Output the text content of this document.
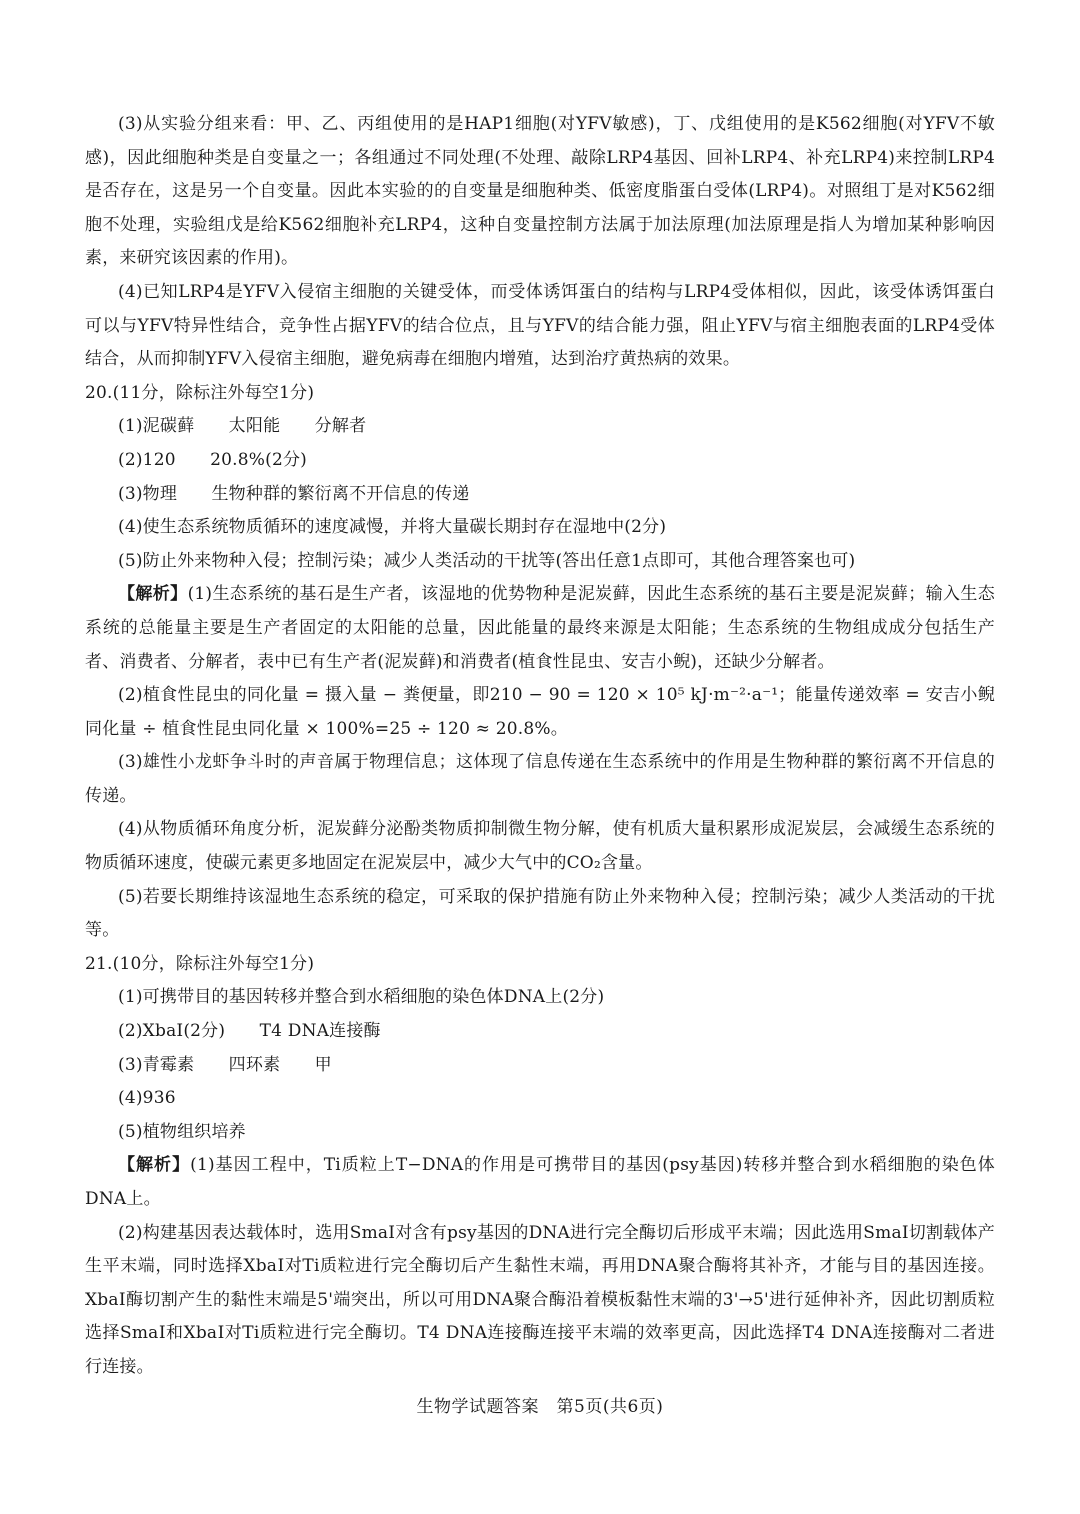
(3)从实验分组来看：甲、乙、丙组使用的是HAP1细胞(对YFV敏感)，丁、戊组使用的是K562细胞(对YFV不敏感)，因此细胞种类是自变量之一；各组通过不同处理(不处理、敲除LRP4基因、回补LRP4、补充LRP4)来控制LRP4是否存在，这是另一个自变量。因此本实验的的自变量是细胞种类、低密度脂蛋白受体(LRP4)。对照组丁是对K562细胞不处理，实验组戊是给K562细胞补充LRP4，这种自变量控制方法属于加法原理(加法原理是指人为增加某种影响因素，来研究该因素的作用)。

(4)已知LRP4是YFV入侵宿主细胞的关键受体，而受体诱饵蛋白的结构与LRP4受体相似，因此，该受体诱饵蛋白可以与YFV特异性结合，竞争性占据YFV的结合位点，且与YFV的结合能力强，阻止YFV与宿主细胞表面的LRP4受体结合，从而抑制YFV入侵宿主细胞，避免病毒在细胞内增殖，达到治疗黄热病的效果。

20.(11分，除标注外每空1分)

(1)泥碳藓　　太阳能　　分解者

(2)120　　20.8%(2分)

(3)物理　　生物种群的繁衍离不开信息的传递

(4)使生态系统物质循环的速度减慢，并将大量碳长期封存在湿地中(2分)

(5)防止外来物种入侵；控制污染；减少人类活动的干扰等(答出任意1点即可，其他合理答案也可)

【解析】(1)生态系统的基石是生产者，该湿地的优势物种是泥炭藓，因此生态系统的基石主要是泥炭藓；输入生态系统的总能量主要是生产者固定的太阳能的总量，因此能量的最终来源是太阳能；生态系统的生物组成成分包括生产者、消费者、分解者，表中已有生产者(泥炭藓)和消费者(植食性昆虫、安吉小鲵)，还缺少分解者。

(2)植食性昆虫的同化量 = 摄入量 − 粪便量，即210 − 90 = 120 × 10⁵ kJ·m⁻²·a⁻¹；能量传递效率 = 安吉小鲵同化量 ÷ 植食性昆虫同化量 × 100%=25 ÷ 120 ≈ 20.8%。

(3)雄性小龙虾争斗时的声音属于物理信息；这体现了信息传递在生态系统中的作用是生物种群的繁衍离不开信息的传递。

(4)从物质循环角度分析，泥炭藓分泌酚类物质抑制微生物分解，使有机质大量积累形成泥炭层，会减缓生态系统的物质循环速度，使碳元素更多地固定在泥炭层中，减少大气中的CO₂含量。

(5)若要长期维持该湿地生态系统的稳定，可采取的保护措施有防止外来物种入侵；控制污染；减少人类活动的干扰等。

21.(10分，除标注外每空1分)

(1)可携带目的基因转移并整合到水稻细胞的染色体DNA上(2分)

(2)XbaⅠ(2分)　　T4 DNA连接酶

(3)青霉素　　四环素　　甲

(4)936

(5)植物组织培养

【解析】(1)基因工程中，Ti质粒上T−DNA的作用是可携带目的基因(psy基因)转移并整合到水稻细胞的染色体DNA上。

(2)构建基因表达载体时，选用SmaⅠ对含有psy基因的DNA进行完全酶切后形成平末端；因此选用SmaⅠ切割载体产生平末端，同时选择XbaⅠ对Ti质粒进行完全酶切后产生黏性末端，再用DNA聚合酶将其补齐，才能与目的基因连接。XbaⅠ酶切割产生的黏性末端是5'端突出，所以可用DNA聚合酶沿着模板黏性末端的3'→5'进行延伸补齐，因此切割质粒选择SmaⅠ和XbaⅠ对Ti质粒进行完全酶切。T4 DNA连接酶连接平末端的效率更高，因此选择T4 DNA连接酶对二者进行连接。

生物学试题答案　第5页(共6页)
